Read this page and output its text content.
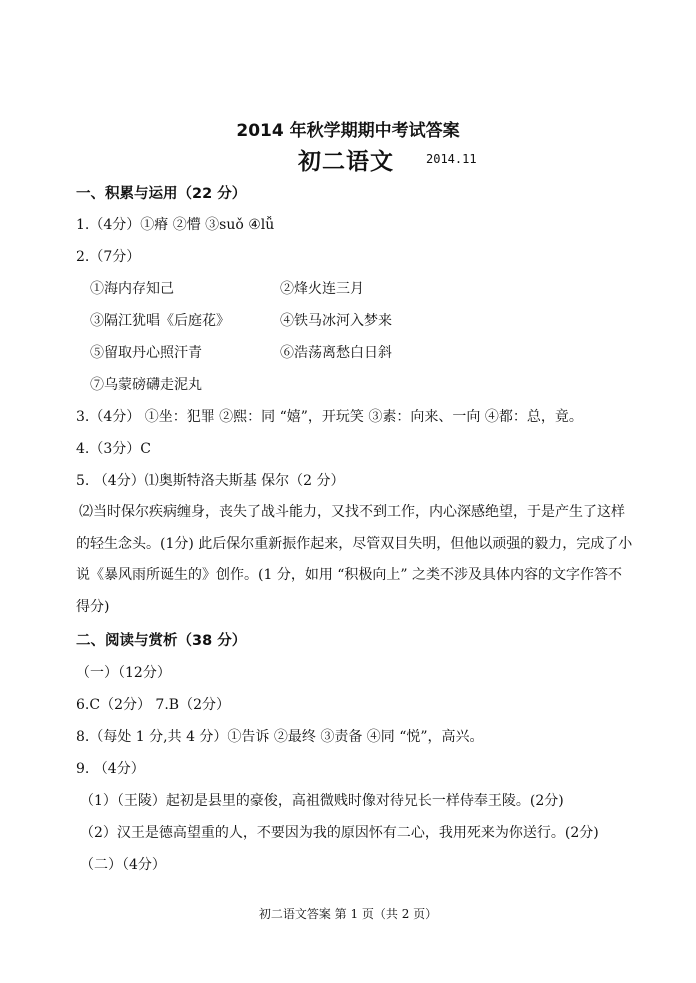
2014 年秋学期期中考试答案
初二语文	2014.11
一、积累与运用（22 分）
1.（4分）①瘠 ②懵 ③suǒ ④lǚ
2.（7分）
①海内存知己	②烽火连三月
③隔江犹唱《后庭花》	④铁马冰河入梦来
⑤留取丹心照汗青	⑥浩荡离愁白日斜
⑦乌蒙磅礴走泥丸
3.（4分） ①坐：犯罪 ②熙：同 “嬉”，开玩笑 ③素：向来、一向 ④都：总，竟。
4.（3分）C
5. （4分）⑴奥斯特洛夫斯基 保尔（2 分）
⑵当时保尔疾病缠身，丧失了战斗能力，又找不到工作，内心深感绝望，于是产生了这样的轻生念头。(1分) 此后保尔重新振作起来，尽管双目失明，但他以顽强的毅力，完成了小说《暴风雨所诞生的》创作。(1 分，如用 “积极向上” 之类不涉及具体内容的文字作答不得分)
二、阅读与赏析（38 分）
（一）（12分）
6.C（2分） 7.B（2分）
8.（每处 1 分,共 4 分）①告诉 ②最终 ③责备 ④同 “悦”，高兴。
9. （4分）
（1）（王陵）起初是县里的豪俊，高祖微贱时像对待兄长一样侍奉王陵。(2分)
（2）汉王是德高望重的人，不要因为我的原因怀有二心，我用死来为你送行。(2分)
（二）（4分）
初二语文答案 第 1 页（共 2 页）
